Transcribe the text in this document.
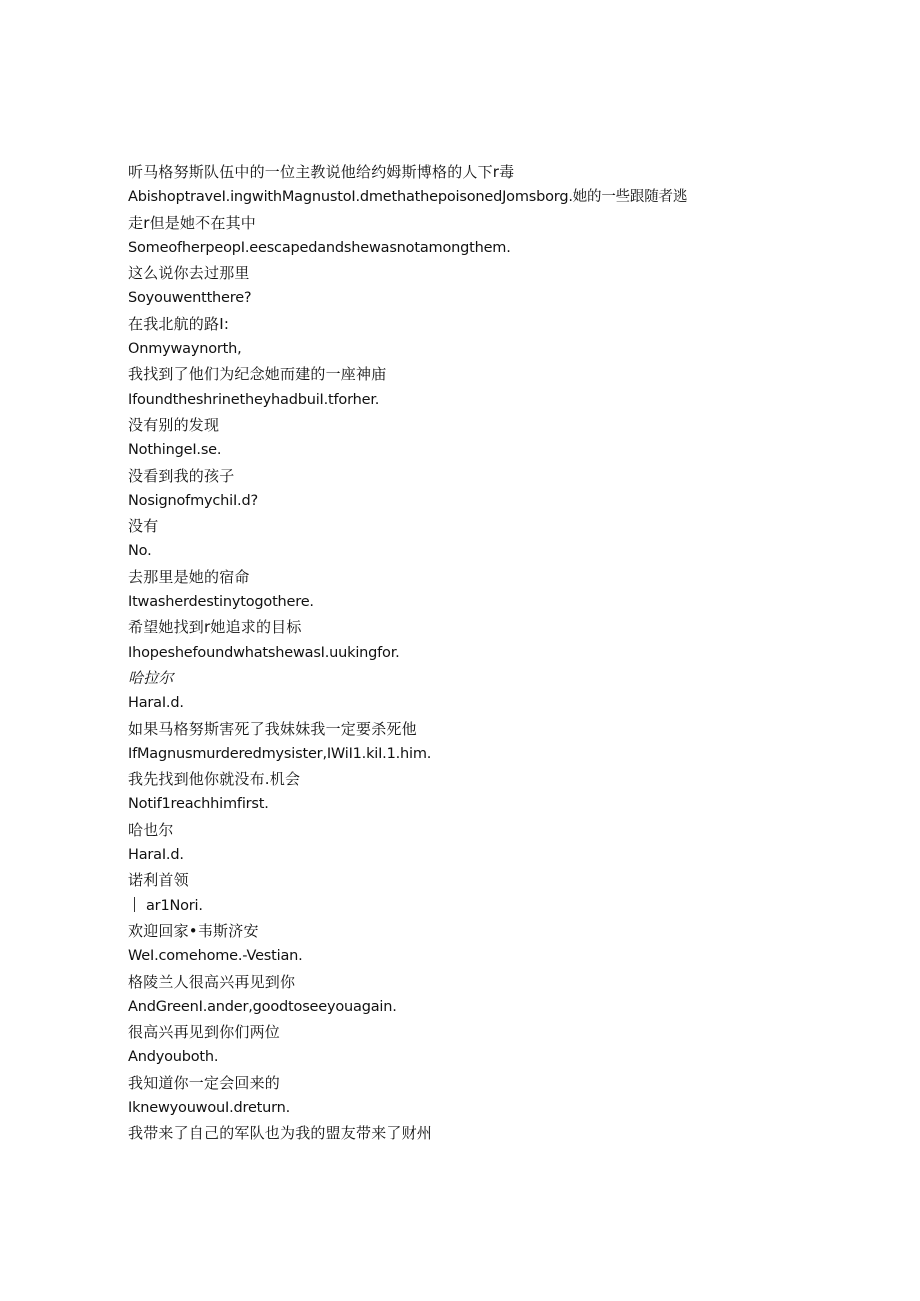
听马格努斯队伍中的一位主教说他给约姆斯博格的人下r毒
AbishoptraveI.ingwithMagnustoI.dmethathepoisonedJomsborg.她的一些跟随者逃
走r但是她不在其中
SomeofherpeopI.eescapedandshewasnotamongthem.
这么说你去过那里
Soyouwentthere?
在我北航的路I:
Onmywaynorth,
我找到了他们为纪念她而建的一座神庙
IfoundtheshrinetheyhadbuiI.tforher.
没有别的发现
NothingeI.se.
没看到我的孩子
NosignofmychiI.d?
没有
No.
去那里是她的宿命
Itwasherdestinytogothere.
希望她找到r她追求的目标
IhopeshefoundwhatshewasI.uukingfor.
哈拉尔
HaraI.d.
如果马格努斯害死了我妹妹我一定要杀死他
IfMagnusmurderedmysister,IWiI1.kiI.1.him.
我先找到他你就没布.机会
Notif1reachhimfirst.
哈也尔
HaraI.d.
诺利首领
ar1Nori.
欢迎回家•韦斯济安
WeI.comehome.-Vestian.
格陵兰人很高兴再见到你
AndGreenI.ander,goodtoseeyouagain.
很高兴再见到你们两位
Andyouboth.
我知道你一定会回来的
IknewyouwouI.dreturn.
我带来了自己的军队也为我的盟友带来了财州
